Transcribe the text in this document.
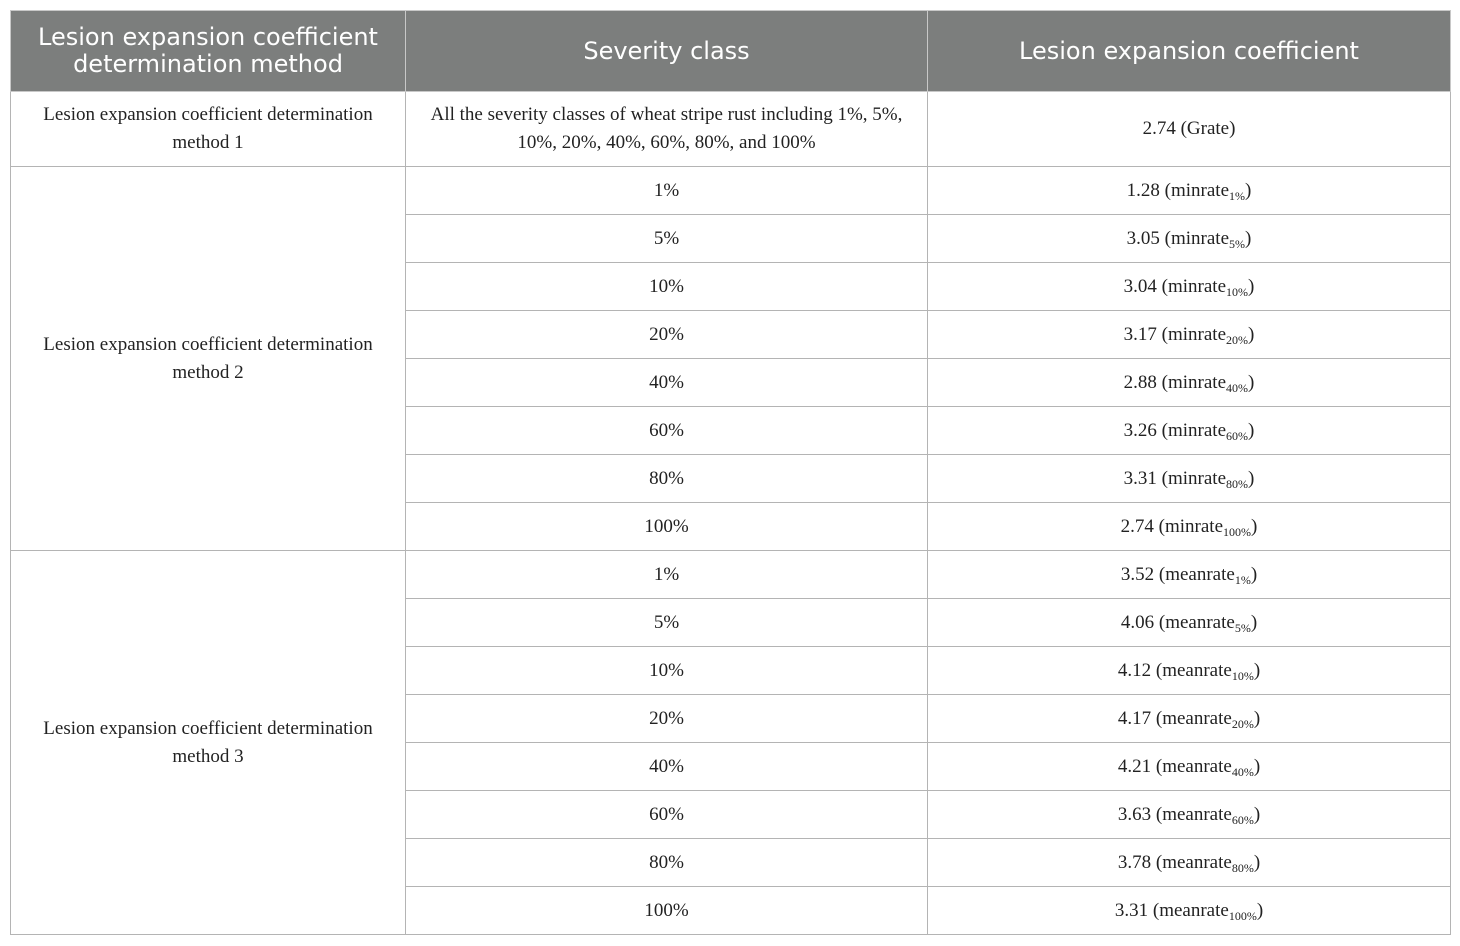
Lesion expansion coefficient determination method	Severity class	Lesion expansion coefficient
Lesion expansion coefficient determination method 1	All the severity classes of wheat stripe rust including 1%, 5%, 10%, 20%, 40%, 60%, 80%, and 100%	2.74 (Grate)
Lesion expansion coefficient determination method 2	1%	1.28 (minrate$_{1\%}$)
	5%	3.05 (minrate$_{5\%}$)
	10%	3.04 (minrate$_{10\%}$)
	20%	3.17 (minrate$_{20\%}$)
	40%	2.88 (minrate$_{40\%}$)
	60%	3.26 (minrate$_{60\%}$)
	80%	3.31 (minrate$_{80\%}$)
	100%	2.74 (minrate$_{100\%}$)
Lesion expansion coefficient determination method 3	1%	3.52 (meanrate$_{1\%}$)
	5%	4.06 (meanrate$_{5\%}$)
	10%	4.12 (meanrate$_{10\%}$)
	20%	4.17 (meanrate$_{20\%}$)
	40%	4.21 (meanrate$_{40\%}$)
	60%	3.63 (meanrate$_{60\%}$)
	80%	3.78 (meanrate$_{80\%}$)
	100%	3.31 (meanrate$_{100\%}$)
